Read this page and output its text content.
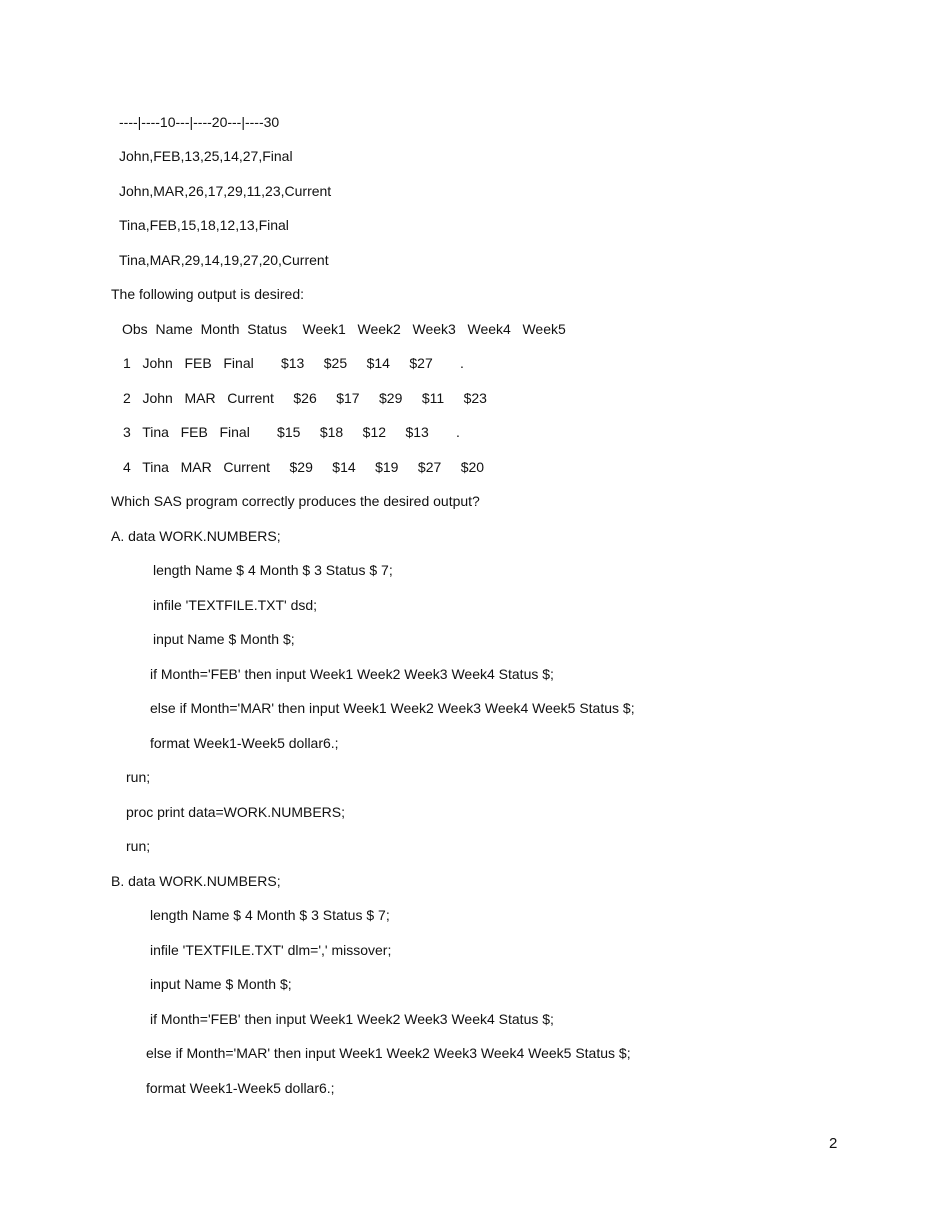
----|----10---|----20---|----30
John,FEB,13,25,14,27,Final
John,MAR,26,17,29,11,23,Current
Tina,FEB,15,18,12,13,Final
Tina,MAR,29,14,19,27,20,Current
The following output is desired:
Obs  Name  Month  Status    Week1   Week2   Week3   Week4   Week5
1   John   FEB   Final       $13     $25     $14     $27       .
2   John   MAR   Current     $26     $17     $29     $11     $23
3   Tina   FEB   Final       $15     $18     $12     $13       .
4   Tina   MAR   Current     $29     $14     $19     $27     $20
Which SAS program correctly produces the desired output?
A. data WORK.NUMBERS;
length Name $ 4 Month $ 3 Status $ 7;
infile 'TEXTFILE.TXT' dsd;
input Name $ Month $;
if Month='FEB' then input Week1 Week2 Week3 Week4 Status $;
else if Month='MAR' then input Week1 Week2 Week3 Week4 Week5 Status $;
format Week1-Week5 dollar6.;
run;
proc print data=WORK.NUMBERS;
run;
B. data WORK.NUMBERS;
length Name $ 4 Month $ 3 Status $ 7;
infile 'TEXTFILE.TXT' dlm=',' missover;
input Name $ Month $;
if Month='FEB' then input Week1 Week2 Week3 Week4 Status $;
else if Month='MAR' then input Week1 Week2 Week3 Week4 Week5 Status $;
format Week1-Week5 dollar6.;
2
